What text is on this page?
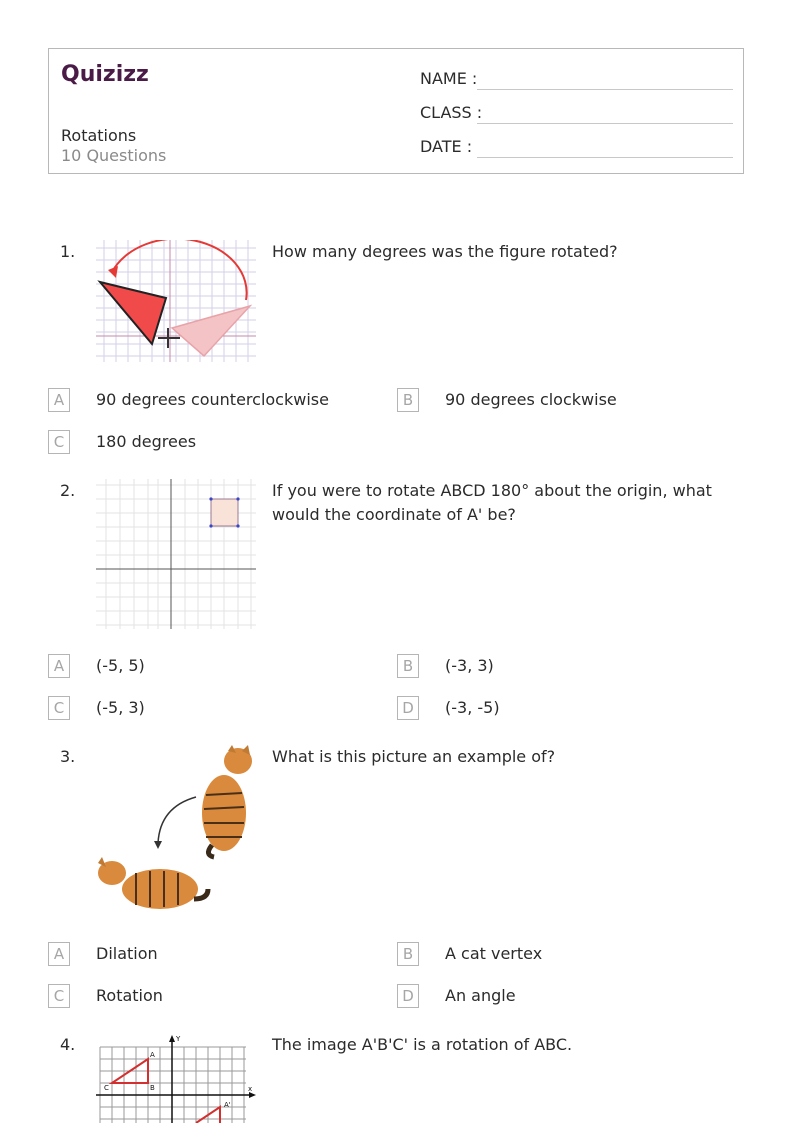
Quizizz
Rotations
10 Questions
NAME :
CLASS :
DATE :
1.	How many degrees was the figure rotated?
A	90 degrees counterclockwise	B	90 degrees clockwise
C	180 degrees
2.	If you were to rotate ABCD 180° about the origin, what would the coordinate of A' be?
A	(-5, 5)	B	(-3, 3)
C	(-5, 3)	D	(-3, -5)
3.	What is this picture an example of?
A	Dilation	B	A cat vertex
C	Rotation	D	An angle
4.
A
B
C
A'
Y
x
The image A'B'C' is a rotation of ABC.
